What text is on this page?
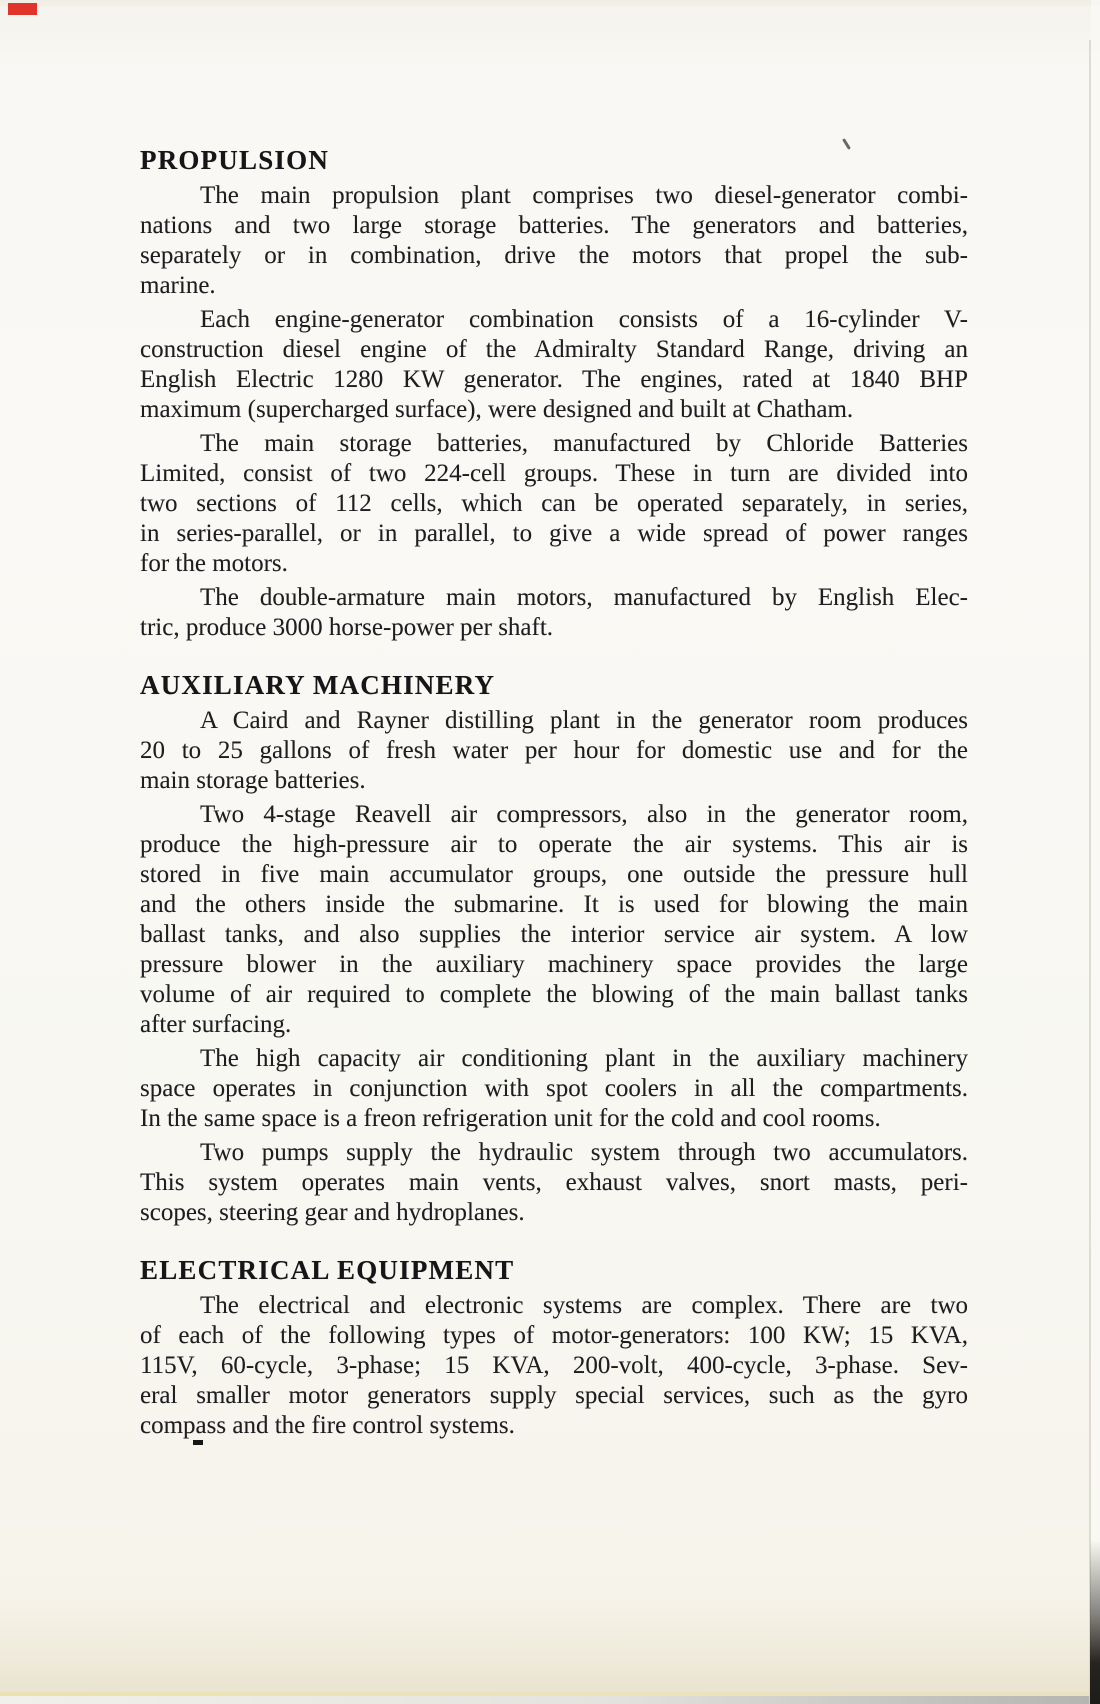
PROPULSION

The main propulsion plant comprises two diesel-generator combi-
nations and two large storage batteries. The generators and batteries,
separately or in combination, drive the motors that propel the sub-
marine.

Each engine-generator combination consists of a 16-cylinder V-
construction diesel engine of the Admiralty Standard Range, driving an
English Electric 1280 KW generator. The engines, rated at 1840 BHP
maximum (supercharged surface), were designed and built at Chatham.

The main storage batteries, manufactured by Chloride Batteries
Limited, consist of two 224-cell groups. These in turn are divided into
two sections of 112 cells, which can be operated separately, in series,
in series-parallel, or in parallel, to give a wide spread of power ranges
for the motors.

The double-armature main motors, manufactured by English Elec-
tric, produce 3000 horse-power per shaft.

AUXILIARY MACHINERY

A Caird and Rayner distilling plant in the generator room produces
20 to 25 gallons of fresh water per hour for domestic use and for the
main storage batteries.

Two 4-stage Reavell air compressors, also in the generator room,
produce the high-pressure air to operate the air systems. This air is
stored in five main accumulator groups, one outside the pressure hull
and the others inside the submarine. It is used for blowing the main
ballast tanks, and also supplies the interior service air system. A low
pressure blower in the auxiliary machinery space provides the large
volume of air required to complete the blowing of the main ballast tanks
after surfacing.

The high capacity air conditioning plant in the auxiliary machinery
space operates in conjunction with spot coolers in all the compartments.
In the same space is a freon refrigeration unit for the cold and cool rooms.

Two pumps supply the hydraulic system through two accumulators.
This system operates main vents, exhaust valves, snort masts, peri-
scopes, steering gear and hydroplanes.

ELECTRICAL EQUIPMENT

The electrical and electronic systems are complex. There are two
of each of the following types of motor-generators: 100 KW; 15 KVA,
115V, 60-cycle, 3-phase; 15 KVA, 200-volt, 400-cycle, 3-phase. Sev-
eral smaller motor generators supply special services, such as the gyro
compass and the fire control systems.
